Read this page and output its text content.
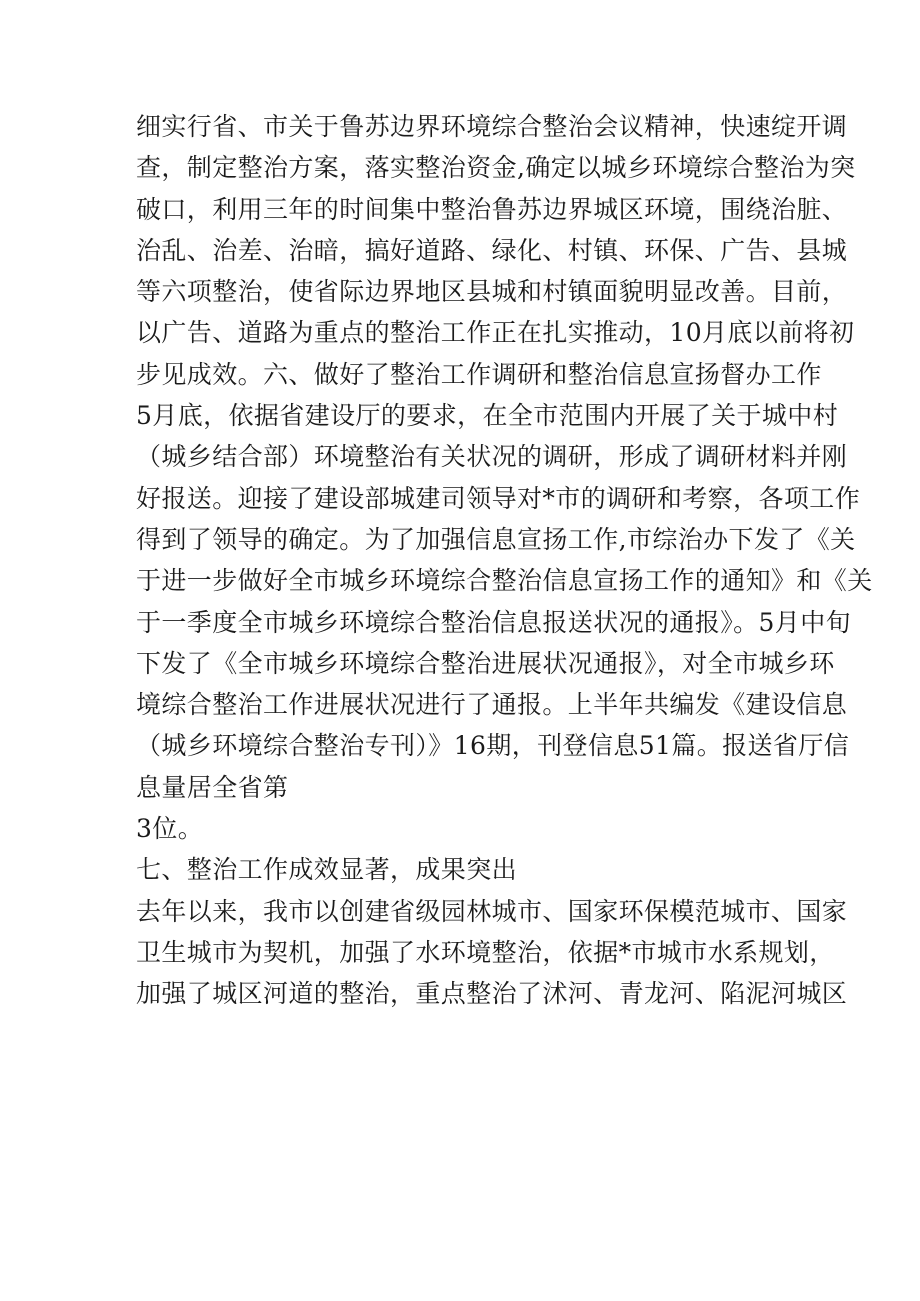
细实行省、市关于鲁苏边界环境综合整治会议精神，快速绽开调
查，制定整治方案，落实整治资金,确定以城乡环境综合整治为突
破口，利用三年的时间集中整治鲁苏边界城区环境，围绕治脏、
治乱、治差、治暗，搞好道路、绿化、村镇、环保、广告、县城
等六项整治，使省际边界地区县城和村镇面貌明显改善。目前，
以广告、道路为重点的整治工作正在扎实推动，10月底以前将初
步见成效。六、做好了整治工作调研和整治信息宣扬督办工作
5月底，依据省建设厅的要求，在全市范围内开展了关于城中村
（城乡结合部）环境整治有关状况的调研，形成了调研材料并刚
好报送。迎接了建设部城建司领导对*市的调研和考察，各项工作
得到了领导的确定。为了加强信息宣扬工作,市综治办下发了《关
于进一步做好全市城乡环境综合整治信息宣扬工作的通知》和《关
于一季度全市城乡环境综合整治信息报送状况的通报》。5月中旬
下发了《全市城乡环境综合整治进展状况通报》，对全市城乡环
境综合整治工作进展状况进行了通报。上半年共编发《建设信息
（城乡环境综合整治专刊）》16期，刊登信息51篇。报送省厅信
息量居全省第
3位。
七、整治工作成效显著，成果突出
去年以来，我市以创建省级园林城市、国家环保模范城市、国家
卫生城市为契机，加强了水环境整治，依据*市城市水系规划，
加强了城区河道的整治，重点整治了沭河、青龙河、陷泥河城区
